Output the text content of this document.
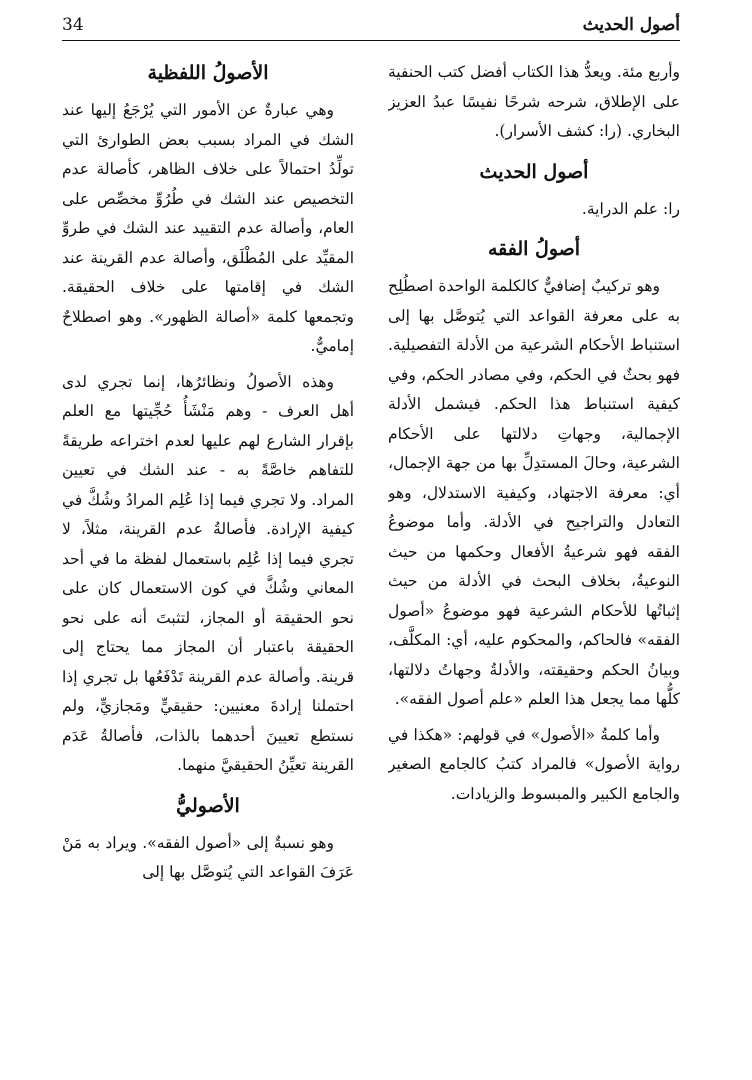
34	أصول الحديث

وأربع مئة. ويعدُّ هذا الكتاب أفضل كتب الحنفية على الإطلاق، شرحه شرحًا نفيسًا عبدُ العزيز البخاري. (را: كشف الأسرار).

أصول الحديث

را: علم الدراية.

أصولُ الفقه

وهو تركيبٌ إضافيٌّ كالكلمة الواحدة اصطُلِح به على معرفة القواعد التي يُتوصَّل بها إلى استنباط الأحكام الشرعية من الأدلة التفصيلية. فهو بحثٌ في الحكم، وفي مصادر الحكم، وفي كيفية استنباط هذا الحكم. فيشمل الأدلة الإجمالية، وجهاتِ دلالتها على الأحكام الشرعية، وحالَ المستدِلِّ بها من جهة الإجمال، أي: معرفة الاجتهاد، وكيفية الاستدلال، وهو التعادل والتراجيح في الأدلة. وأما موضوعُ الفقه فهو شرعيةُ الأفعال وحكمها من حيث النوعيةُ، بخلاف البحث في الأدلة من حيث إثباتُها للأحكام الشرعية فهو موضوعُ «أصول الفقه» فالحاكم، والمحكوم عليه، أي: المكلَّف، وبيانُ الحكم وحقيقته، والأدلةُ وجهاتُ دلالتها، كلُّها مما يجعل هذا العلم «علم أصول الفقه».

وأما كلمةُ «الأصول» في قولهم: «هكذا في رواية الأصول» فالمراد كتبُ كالجامع الصغير والجامع الكبير والمبسوط والزيادات.

الأصولُ اللفظية

وهي عبارةٌ عن الأمور التي يُرْجَعُ إليها عند الشك في المراد بسبب بعض الطوارئ التي تولِّدُ احتمالاً على خلاف الظاهر، كأصالة عدم التخصيص عند الشك في طُرُوِّ مخصِّص على العام، وأصالة عدم التقييد عند الشك في طروِّ المقيِّد على المُطْلَق، وأصالة عدم القرينة عند الشك في إقامتها على خلاف الحقيقة. وتجمعها كلمة «أصالة الظهور». وهو اصطلاحٌ إماميٌّ.

وهذه الأصولُ ونظائرُها، إنما تجري لدى أهل العرف - وهم مَنْشَأُ حُجِّيتها مع العلم بإقرار الشارع لهم عليها لعدم اختراعه طريقةً للتفاهم خاصَّةً به - عند الشك في تعيين المراد. ولا تجري فيما إذا عُلِم المرادُ وشُكَّ في كيفية الإرادة. فأصالةُ عدم القرينة، مثلاً، لا تجري فيما إذا عُلِم باستعمال لفظة ما في أحد المعاني وشُكَّ في كون الاستعمال كان على نحو الحقيقة أو المجاز، لتثبتَ أنه على نحو الحقيقة باعتبار أن المجاز مما يحتاج إلى قرينة. وأصالة عدم القرينة تَدْفَعُها بل تجري إذا احتملنا إرادةَ معنيين: حقيقيٍّ ومَجازيٍّ، ولم نستطع تعيينَ أحدهما بالذات، فأصالةُ عَدَم القرينة تعيِّنُ الحقيقيَّ منهما.

الأصوليُّ

وهو نسبةٌ إلى «أصول الفقه». ويراد به مَنْ عَرَفَ القواعد التي يُتوصَّل بها إلى
